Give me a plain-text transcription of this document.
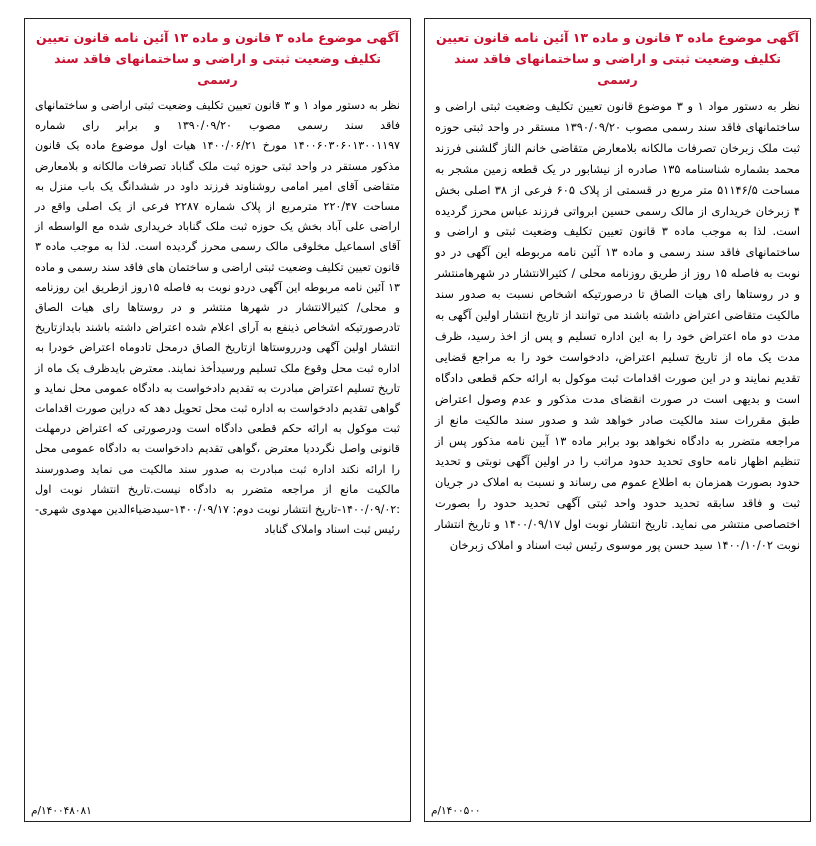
آگهی موضوع ماده ۳ قانون و ماده ۱۳ آئین نامه قانون تعیین تکلیف وضعیت ثبتی و اراضی و ساختمانهای فاقد سند رسمی

نظر به دستور مواد ۱ و ۳ موضوع قانون تعیین تکلیف وضعیت ثبتی اراضی و ساختمانهای فاقد سند رسمی مصوب ۱۳۹۰/۰۹/۲۰ مستقر در واحد ثبتی حوزه ثبت ملک زبرخان تصرفات مالکانه بلامعارض متقاضی خانم الناز گلشنی فرزند محمد بشماره شناسنامه ۱۳۵ صادره از نیشابور در یک قطعه زمین مشجر به مساحت ۵۱۱۴۶/۵ متر مربع در قسمتی از پلاک ۶۰۵ فرعی از ۳۸ اصلی بخش ۴ زبرخان خریداری از مالک رسمی حسین ابرواتی فرزند عباس محرز گردیده است. لذا به موجب ماده ۳ قانون تعیین تکلیف وضعیت ثبتی و اراضی و ساختمانهای فاقد سند رسمی و ماده ۱۳ آئین نامه مربوطه این آگهی در دو نوبت به فاصله ۱۵ روز از طریق روزنامه محلی / کثیرالانتشار در شهرهامنتشر و در روستاها رای هیات الصاق تا درصورتیکه اشخاص نسبت به صدور سند مالکیت متقاضی اعتراض داشته باشند می توانند از تاریخ انتشار اولین آگهی به مدت دو ماه اعتراض خود را به این اداره تسلیم و پس از اخذ رسید، ظرف مدت یک ماه از تاریخ تسلیم اعتراض، دادخواست خود را به مراجع قضایی تقدیم نمایند و در این صورت اقدامات ثبت موکول به ارائه حکم قطعی دادگاه است و بدیهی است در صورت انقضای مدت مذکور و عدم وصول اعتراض طبق مقررات سند مالکیت صادر خواهد شد و صدور سند مالکیت مانع از مراجعه متضرر به دادگاه نخواهد بود برابر ماده ۱۳ آیین نامه مذکور پس از تنظیم اظهار نامه حاوی تحدید حدود مراتب را در اولین آگهی نوبتی و تحدید حدود بصورت همزمان به اطلاع عموم می رساند و نسبت به املاک در جریان ثبت و فاقد سابقه تحدید حدود واحد ثبتی آگهی تحدید حدود را بصورت اختصاصی منتشر می نماید. تاریخ انتشار نوبت اول ۱۴۰۰/۰۹/۱۷ و تاریخ انتشار نوبت ۱۴۰۰/۱۰/۰۲ سید حسن پور موسوی رئیس ثبت اسناد و املاک زبرخان

۱۴۰۰۵۰۰/م
آگهی موضوع ماده ۳ قانون و ماده ۱۳ آئین نامه قانون تعیین تکلیف وضعیت ثبتی و اراضی و ساختمانهای فاقد سند رسمی

نظر به دستور مواد ۱ و ۳ قانون تعیین تکلیف وضعیت ثبتی اراضی و ساختمانهای فاقد سند رسمی مصوب ۱۳۹۰/۰۹/۲۰ و برابر رای شماره ۱۴۰۰۶۰۳۰۶۰۱۳۰۰۱۱۹۷ مورخ ۱۴۰۰/۰۶/۲۱ هیات اول موضوع ماده یک قانون مذکور مستقر در واحد ثبتی حوزه ثبت ملک گناباد تصرفات مالکانه و بلامعارض متقاضی آقای امیر امامی روشناوند فرزند داود در ششدانگ یک باب منزل به مساحت ۲۲۰/۴۷ مترمربع از پلاک شماره ۲۲۸۷ فرعی از یک اصلی واقع در اراضی علی آباد بخش یک حوزه ثبت ملک گناباد خریداری شده مع الواسطه از آقای اسماعیل مخلوقی مالک رسمی محرز گردیده است. لذا به موجب ماده ۳ قانون تعیین تکلیف وضعیت ثبتی اراضی و ساختمان های فاقد سند رسمی و ماده ۱۳ آئین نامه مربوطه این آگهی دردو نوبت به فاصله ۱۵روز ازطریق این روزنامه و محلی/ کثیرالانتشار در شهرها منتشر و در روستاها رای هیات الصاق تادرصورتیکه اشخاص ذینفع به آرای اعلام شده اعتراض داشته باشند بایدازتاریخ انتشار اولین آگهی ودرروستاها ازتاریخ الصاق درمحل تادوماه اعتراض خودرا به اداره ثبت محل وقوع ملک تسلیم ورسیدأخذ نمایند. معترض بایدظرف یک ماه از تاریخ تسلیم اعتراض مبادرت به تقدیم دادخواست به دادگاه عمومی محل نماید و گواهی تقدیم دادخواست به اداره ثبت محل تحویل دهد که دراین صورت اقدامات ثبت موکول به ارائه حکم قطعی دادگاه است ودرصورتی که اعتراض درمهلت قانونی واصل نگرددیا معترض ،گواهی تقدیم دادخواست به دادگاه عمومی محل را ارائه نکند اداره ثبت مبادرت به صدور سند مالکیت می نماید وصدورسند مالکیت مانع از مراجعه متضرر به دادگاه نیست.تاریخ انتشار نوبت اول :۱۴۰۰/۰۹/۰۲-تاریخ انتشار نوبت دوم: ۱۴۰۰/۰۹/۱۷-سیدضیاءالدین مهدوی شهری- رئیس ثبت اسناد واملاک گناباد

۱۴۰۰۴۸۰۸۱/م
